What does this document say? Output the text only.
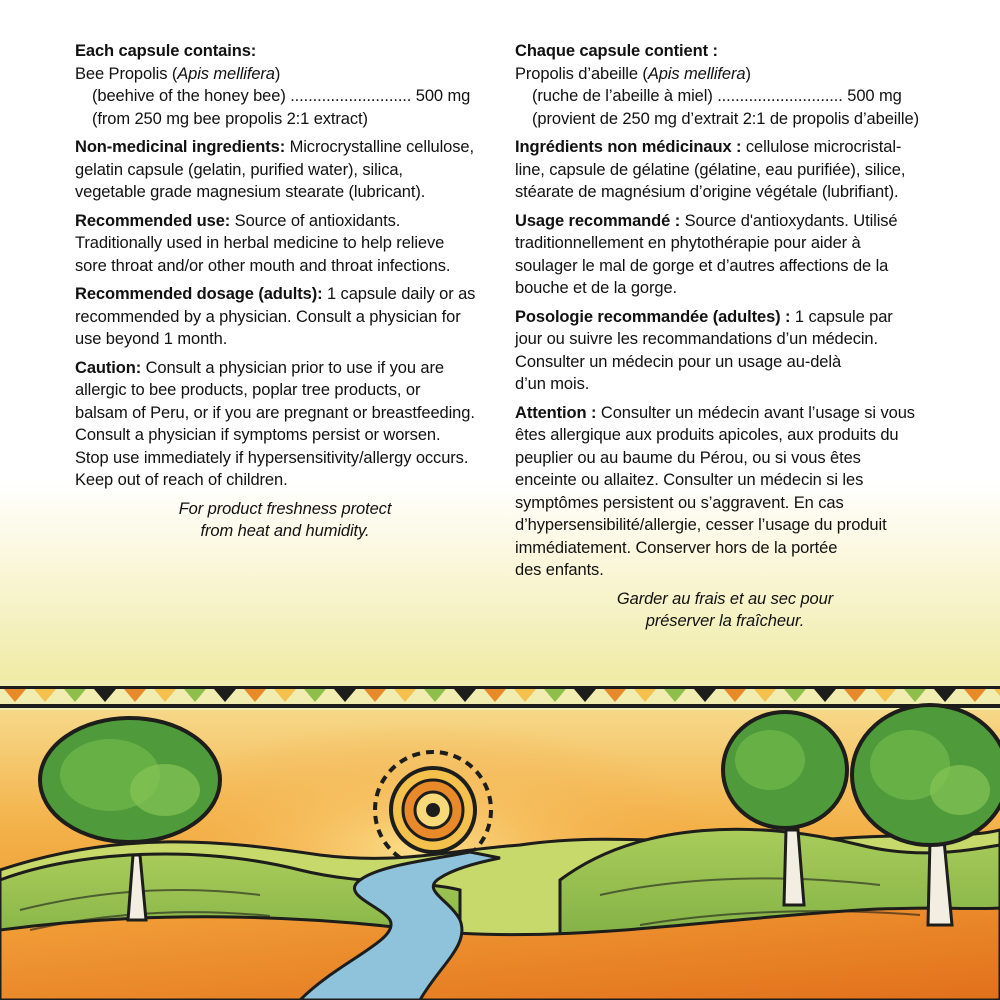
Each capsule contains:
Bee Propolis (Apis mellifera)
(beehive of the honey bee) ........................... 500 mg
(from 250 mg bee propolis 2:1 extract)
Non-medicinal ingredients: Microcrystalline cellulose,
gelatin capsule (gelatin, purified water), silica,
vegetable grade magnesium stearate (lubricant).
Recommended use: Source of antioxidants.
Traditionally used in herbal medicine to help relieve
sore throat and/or other mouth and throat infections.
Recommended dosage (adults): 1 capsule daily or as
recommended by a physician. Consult a physician for
use beyond 1 month.
Caution: Consult a physician prior to use if you are
allergic to bee products, poplar tree products, or
balsam of Peru, or if you are pregnant or breastfeeding.
Consult a physician if symptoms persist or worsen.
Stop use immediately if hypersensitivity/allergy occurs.
Keep out of reach of children.
For product freshness protect
from heat and humidity.
Chaque capsule contient :
Propolis d’abeille (Apis mellifera)
(ruche de l’abeille à miel) ............................ 500 mg
(provient de 250 mg d’extrait 2:1 de propolis d’abeille)
Ingrédients non médicinaux : cellulose microcristal-
line, capsule de gélatine (gélatine, eau purifiée), silice,
stéarate de magnésium d’origine végétale (lubrifiant).
Usage recommandé : Source d'antioxydants. Utilisé
traditionnellement en phytothérapie pour aider à
soulager le mal de gorge et d’autres affections de la
bouche et de la gorge.
Posologie recommandée (adultes) : 1 capsule par
jour ou suivre les recommandations d’un médecin.
Consulter un médecin pour un usage au-delà
d’un mois.
Attention : Consulter un médecin avant l’usage si vous
êtes allergique aux produits apicoles, aux produits du
peuplier ou au baume du Pérou, ou si vous êtes
enceinte ou allaitez. Consulter un médecin si les
symptômes persistent ou s’aggravent. En cas
d’hypersensibilité/allergie, cesser l’usage du produit
immédiatement. Conserver hors de la portée
des enfants.
Garder au frais et au sec pour
préserver la fraîcheur.
